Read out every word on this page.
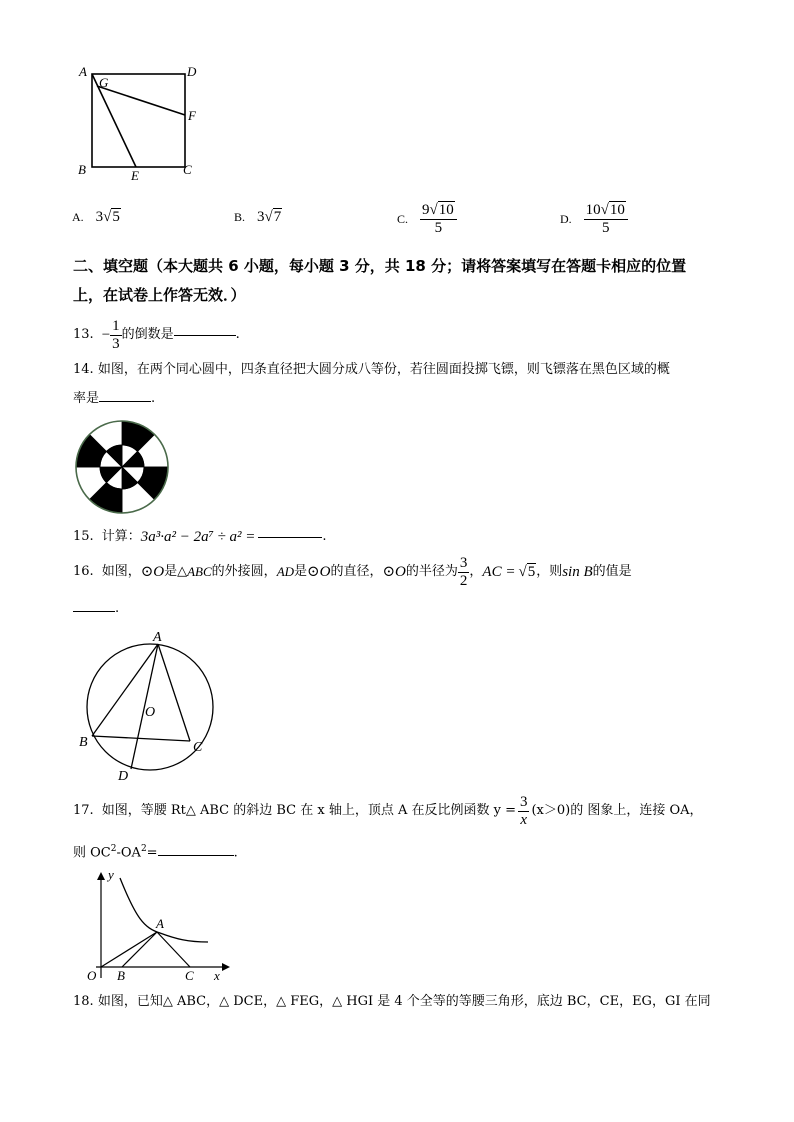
A
G
D
F
B	E	C
A. 3 √5	B. 3 √7	C. $\frac{9√10}{5}$	D. $\frac{10√10}{5}$
二、填空题（本大题共 6 小题，每小题 3 分，共 18 分；请将答案填写在答题卡相应的位置
上，在试卷上作答无效．）
13. − $\frac{1}{3}$ 的倒数是	.
14. 如图，在两个同心圆中，四条直径把大圆分成八等份，若往圆面投掷飞镖，则飞镖落在黑色区域的概
率是	.
15. 计算： 3a³·a² − 2a⁷ ÷ a² =	.
16. 如图， ⊙O 是△ ABC 的外接圆， AD 是 ⊙O 的直径， ⊙O 的半径为 $\frac{3}{2}$ ， AC = √5 ，则 sin B 的值是
.
A
O
B	C
D
17. 如图，等腰 Rt△ ABC 的斜边 BC 在 x 轴上，顶点 A 在反比例函数 $y = \frac{3}{x} (x>0)$的 图象上，连接 OA，
则 $OC^2-OA^2=$	.
y
A
O B	C x
18. 如图，已知△ ABC，△ DCE，△ FEG，△ HGI 是 4 个全等的等腰三角形，底边 BC，CE，EG，GI 在同
